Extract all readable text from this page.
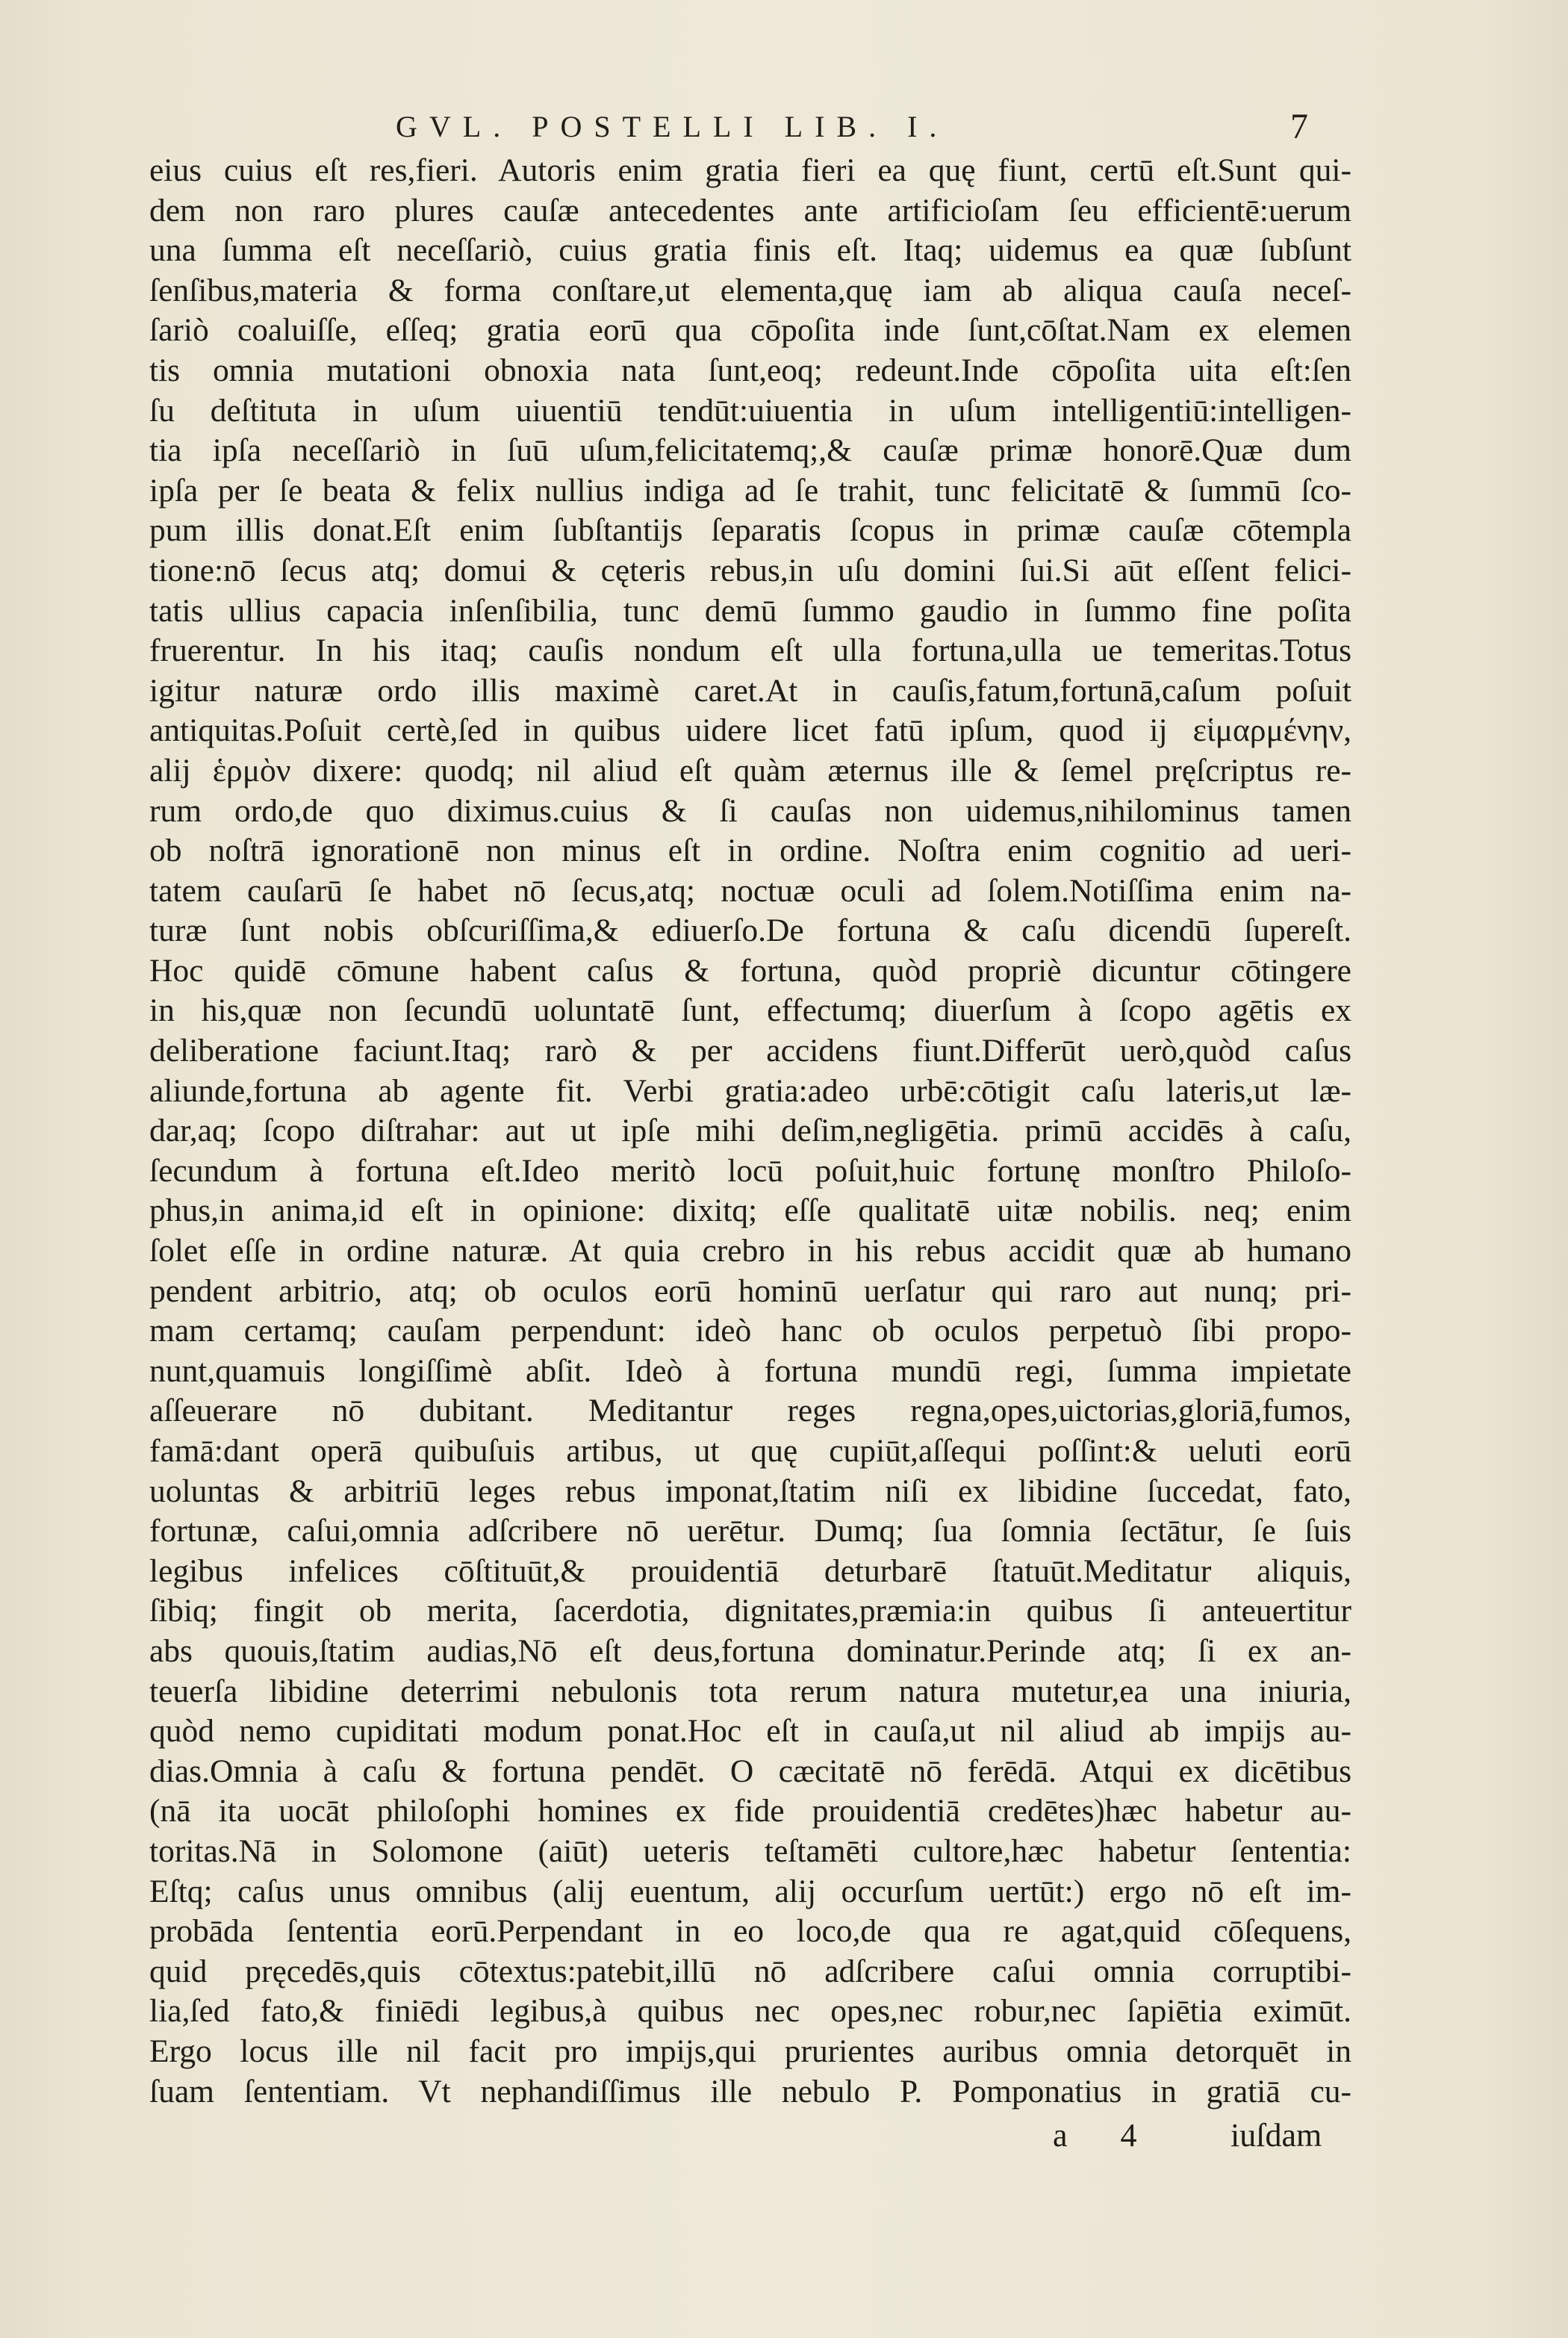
GVL. POSTELLI LIB. I.	7
eius cuius eſt res,fieri. Autoris enim gratia fieri ea quę fiunt, certū eſt.Sunt qui-
dem non raro plures cauſæ antecedentes ante artificioſam ſeu efficientē:uerum
una ſumma eſt neceſſariò, cuius gratia finis eſt. Itaq; uidemus ea quæ ſubſunt
ſenſibus,materia & forma conſtare,ut elementa,quę iam ab aliqua cauſa neceſ-
ſariò coaluiſſe, eſſeq; gratia eorū qua cōpoſita inde ſunt,cōſtat.Nam ex elemen
tis omnia mutationi obnoxia nata ſunt,eoq; redeunt.Inde cōpoſita uita eſt:ſen
ſu deſtituta in uſum uiuentiū tendūt:uiuentia in uſum intelligentiū:intelligen-
tia ipſa neceſſariò in ſuū uſum,felicitatemq;,& cauſæ primæ honorē.Quæ dum
ipſa per ſe beata & felix nullius indiga ad ſe trahit, tunc felicitatē & ſummū ſco-
pum illis donat.Eſt enim ſubſtantijs ſeparatis ſcopus in primæ cauſæ cōtempla
tione:nō ſecus atq; domui & cęteris rebus,in uſu domini ſui.Si aūt eſſent felici-
tatis ullius capacia inſenſibilia, tunc demū ſummo gaudio in ſummo fine poſita
fruerentur. In his itaq; cauſis nondum eſt ulla fortuna,ulla ue temeritas.Totus
igitur naturæ ordo illis maximè caret.At in cauſis,fatum,fortunā,caſum poſuit
antiquitas.Poſuit certè,ſed in quibus uidere licet fatū ipſum, quod ij εἱμαρμένην,
alij ἑρμὸν dixere: quodq; nil aliud eſt quàm æternus ille & ſemel pręſcriptus re-
rum ordo,de quo diximus.cuius & ſi cauſas non uidemus,nihilominus tamen
ob noſtrā ignorationē non minus eſt in ordine. Noſtra enim cognitio ad ueri-
tatem cauſarū ſe habet nō ſecus,atq; noctuæ oculi ad ſolem.Notiſſima enim na-
turæ ſunt nobis obſcuriſſima,& ediuerſo.De fortuna & caſu dicendū ſupereſt.
Hoc quidē cōmune habent caſus & fortuna, quòd propriè dicuntur cōtingere
in his,quæ non ſecundū uoluntatē ſunt, effectumq; diuerſum à ſcopo agētis ex
deliberatione faciunt.Itaq; rarò & per accidens fiunt.Differūt uerò,quòd caſus
aliunde,fortuna ab agente fit. Verbi gratia:adeo urbē:cōtigit caſu lateris,ut læ-
dar,aq; ſcopo diſtrahar: aut ut ipſe mihi deſim,negligētia. primū accidēs à caſu,
ſecundum à fortuna eſt.Ideo meritò locū poſuit,huic fortunę monſtro Philoſo-
phus,in anima,id eſt in opinione: dixitq; eſſe qualitatē uitæ nobilis. neq; enim
ſolet eſſe in ordine naturæ. At quia crebro in his rebus accidit quæ ab humano
pendent arbitrio, atq; ob oculos eorū hominū uerſatur qui raro aut nunq; pri-
mam certamq; cauſam perpendunt: ideò hanc ob oculos perpetuò ſibi propo-
nunt,quamuis longiſſimè abſit. Ideò à fortuna mundū regi, ſumma impietate
aſſeuerare nō dubitant. Meditantur reges regna,opes,uictorias,gloriā,fumos,
famā:dant operā quibuſuis artibus, ut quę cupiūt,aſſequi poſſint:& ueluti eorū
uoluntas & arbitriū leges rebus imponat,ſtatim niſi ex libidine ſuccedat, fato,
fortunæ, caſui,omnia adſcribere nō uerētur. Dumq; ſua ſomnia ſectātur, ſe ſuis
legibus infelices cōſtituūt,& prouidentiā deturbarē ſtatuūt.Meditatur aliquis,
ſibiq; fingit ob merita, ſacerdotia, dignitates,præmia:in quibus ſi anteuertitur
abs quouis,ſtatim audias,Nō eſt deus,fortuna dominatur.Perinde atq; ſi ex an-
teuerſa libidine deterrimi nebulonis tota rerum natura mutetur,ea una iniuria,
quòd nemo cupiditati modum ponat.Hoc eſt in cauſa,ut nil aliud ab impijs au-
dias.Omnia à caſu & fortuna pendēt. O cæcitatē nō ferēdā. Atqui ex dicētibus
(nā ita uocāt philoſophi homines ex fide prouidentiā credētes)hæc habetur au-
toritas.Nā in Solomone (aiūt) ueteris teſtamēti cultore,hæc habetur ſententia:
Eſtq; caſus unus omnibus (alij euentum, alij occurſum uertūt:) ergo nō eſt im-
probāda ſententia eorū.Perpendant in eo loco,de qua re agat,quid cōſequens,
quid pręcedēs,quis cōtextus:patebit,illū nō adſcribere caſui omnia corruptibi-
lia,ſed fato,& finiēdi legibus,à quibus nec opes,nec robur,nec ſapiētia eximūt.
Ergo locus ille nil facit pro impijs,qui prurientes auribus omnia detorquēt in
ſuam ſententiam. Vt nephandiſſimus ille nebulo P. Pomponatius in gratiā cu-
a 4 iuſdam
